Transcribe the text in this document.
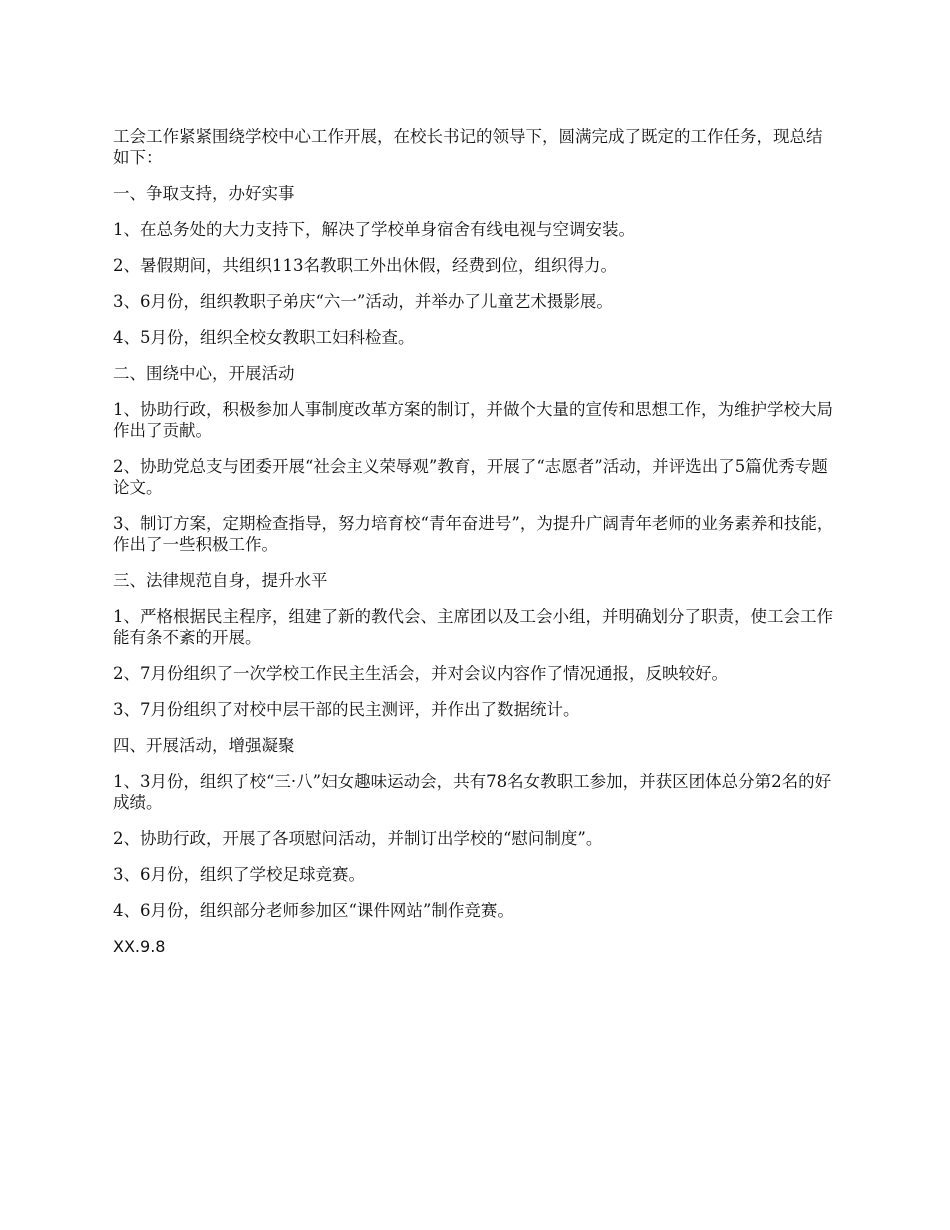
工会工作紧紧围绕学校中心工作开展，在校长书记的领导下，圆满完成了既定的工作任务，现总结如下：

一、争取支持，办好实事

1、在总务处的大力支持下，解决了学校单身宿舍有线电视与空调安装。

2、暑假期间，共组织113名教职工外出休假，经费到位，组织得力。

3、6月份，组织教职子弟庆“六一”活动，并举办了儿童艺术摄影展。

4、5月份，组织全校女教职工妇科检查。

二、围绕中心，开展活动

1、协助行政，积极参加人事制度改革方案的制订，并做个大量的宣传和思想工作，为维护学校大局作出了贡献。

2、协助党总支与团委开展“社会主义荣辱观”教育，开展了“志愿者”活动，并评选出了5篇优秀专题论文。

3、制订方案，定期检查指导，努力培育校“青年奋进号”，为提升广阔青年老师的业务素养和技能，作出了一些积极工作。

三、法律规范自身，提升水平

1、严格根据民主程序，组建了新的教代会、主席团以及工会小组，并明确划分了职责，使工会工作能有条不紊的开展。

2、7月份组织了一次学校工作民主生活会，并对会议内容作了情况通报，反映较好。

3、7月份组织了对校中层干部的民主测评，并作出了数据统计。

四、开展活动，增强凝聚

1、3月份，组织了校“三·八”妇女趣味运动会，共有78名女教职工参加，并获区团体总分第2名的好成绩。

2、协助行政，开展了各项慰问活动，并制订出学校的“慰问制度”。

3、6月份，组织了学校足球竞赛。

4、6月份，组织部分老师参加区“课件网站”制作竞赛。

XX.9.8
